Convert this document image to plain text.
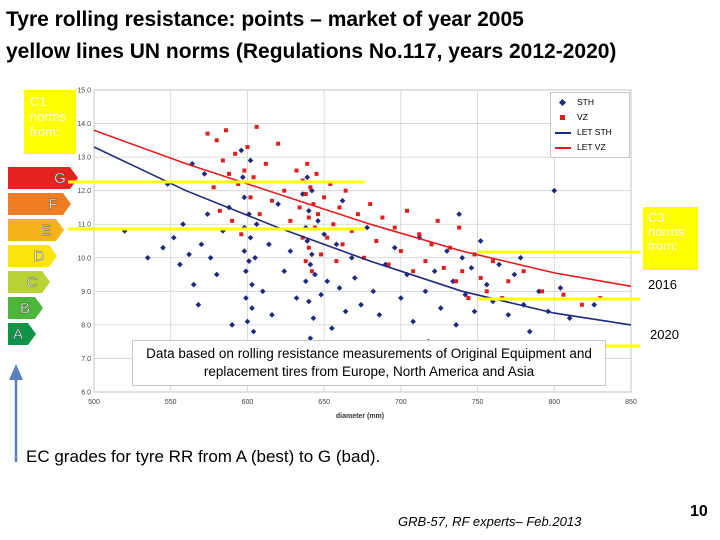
Tyre rolling resistance: points – market of year 2005
yellow lines UN norms (Regulations No.117, years 2012-2020)
G
F
E
D
C
B
A
500	550	600	650	700	750	800	850
6.0
7.0
8.0
9.0
10.0
11.0
12.0
13.0
14.0
15.0
diameter (mm)
STH
VZ
LET STH
LET VZ
C1
norms
from:
C3
norms
from:
2016
2020
Data based on rolling resistance measurements of Original Equipment and
replacement tires from Europe, North America and Asia
EC grades for tyre RR from A (best) to G (bad).
GRB-57, RF experts– Feb.2013
10
